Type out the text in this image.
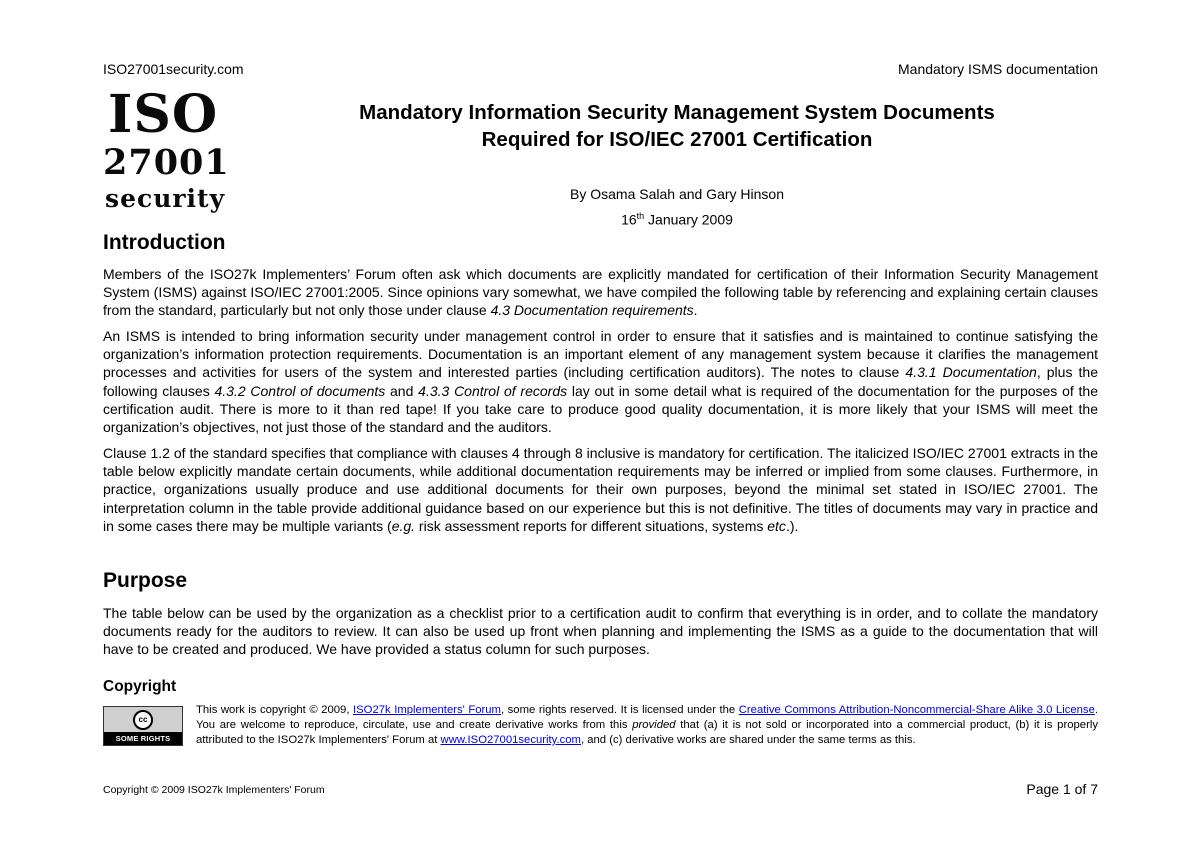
ISO27001security.com	Mandatory ISMS documentation
ISO
27001
security
Mandatory Information Security Management System Documents
Required for ISO/IEC 27001 Certification
By Osama Salah and Gary Hinson
16th January 2009
Introduction

Members of the ISO27k Implementers’ Forum often ask which documents are explicitly mandated for certification of their Information Security Management System (ISMS) against ISO/IEC 27001:2005. Since opinions vary somewhat, we have compiled the following table by referencing and explaining certain clauses from the standard, particularly but not only those under clause 4.3 Documentation requirements.

An ISMS is intended to bring information security under management control in order to ensure that it satisfies and is maintained to continue satisfying the organization’s information protection requirements. Documentation is an important element of any management system because it clarifies the management processes and activities for users of the system and interested parties (including certification auditors). The notes to clause 4.3.1 Documentation, plus the following clauses 4.3.2 Control of documents and 4.3.3 Control of records lay out in some detail what is required of the documentation for the purposes of the certification audit. There is more to it than red tape! If you take care to produce good quality documentation, it is more likely that your ISMS will meet the organization’s objectives, not just those of the standard and the auditors.

Clause 1.2 of the standard specifies that compliance with clauses 4 through 8 inclusive is mandatory for certification. The italicized ISO/IEC 27001 extracts in the table below explicitly mandate certain documents, while additional documentation requirements may be inferred or implied from some clauses. Furthermore, in practice, organizations usually produce and use additional documents for their own purposes, beyond the minimal set stated in ISO/IEC 27001. The interpretation column in the table provide additional guidance based on our experience but this is not definitive. The titles of documents may vary in practice and in some cases there may be multiple variants (e.g. risk assessment reports for different situations, systems etc.).

Purpose

The table below can be used by the organization as a checklist prior to a certification audit to confirm that everything is in order, and to collate the mandatory documents ready for the auditors to review. It can also be used up front when planning and implementing the ISMS as a guide to the documentation that will have to be created and produced. We have provided a status column for such purposes.

Copyright
cc
SOME RIGHTS RESERVED

This work is copyright © 2009, ISO27k Implementers' Forum, some rights reserved. It is licensed under the Creative Commons Attribution-Noncommercial-Share Alike 3.0 License. You are welcome to reproduce, circulate, use and create derivative works from this provided that (a) it is not sold or incorporated into a commercial product, (b) it is properly attributed to the ISO27k Implementers' Forum at www.ISO27001security.com, and (c) derivative works are shared under the same terms as this.

Copyright © 2009 ISO27k Implementers' Forum	Page 1 of 7
